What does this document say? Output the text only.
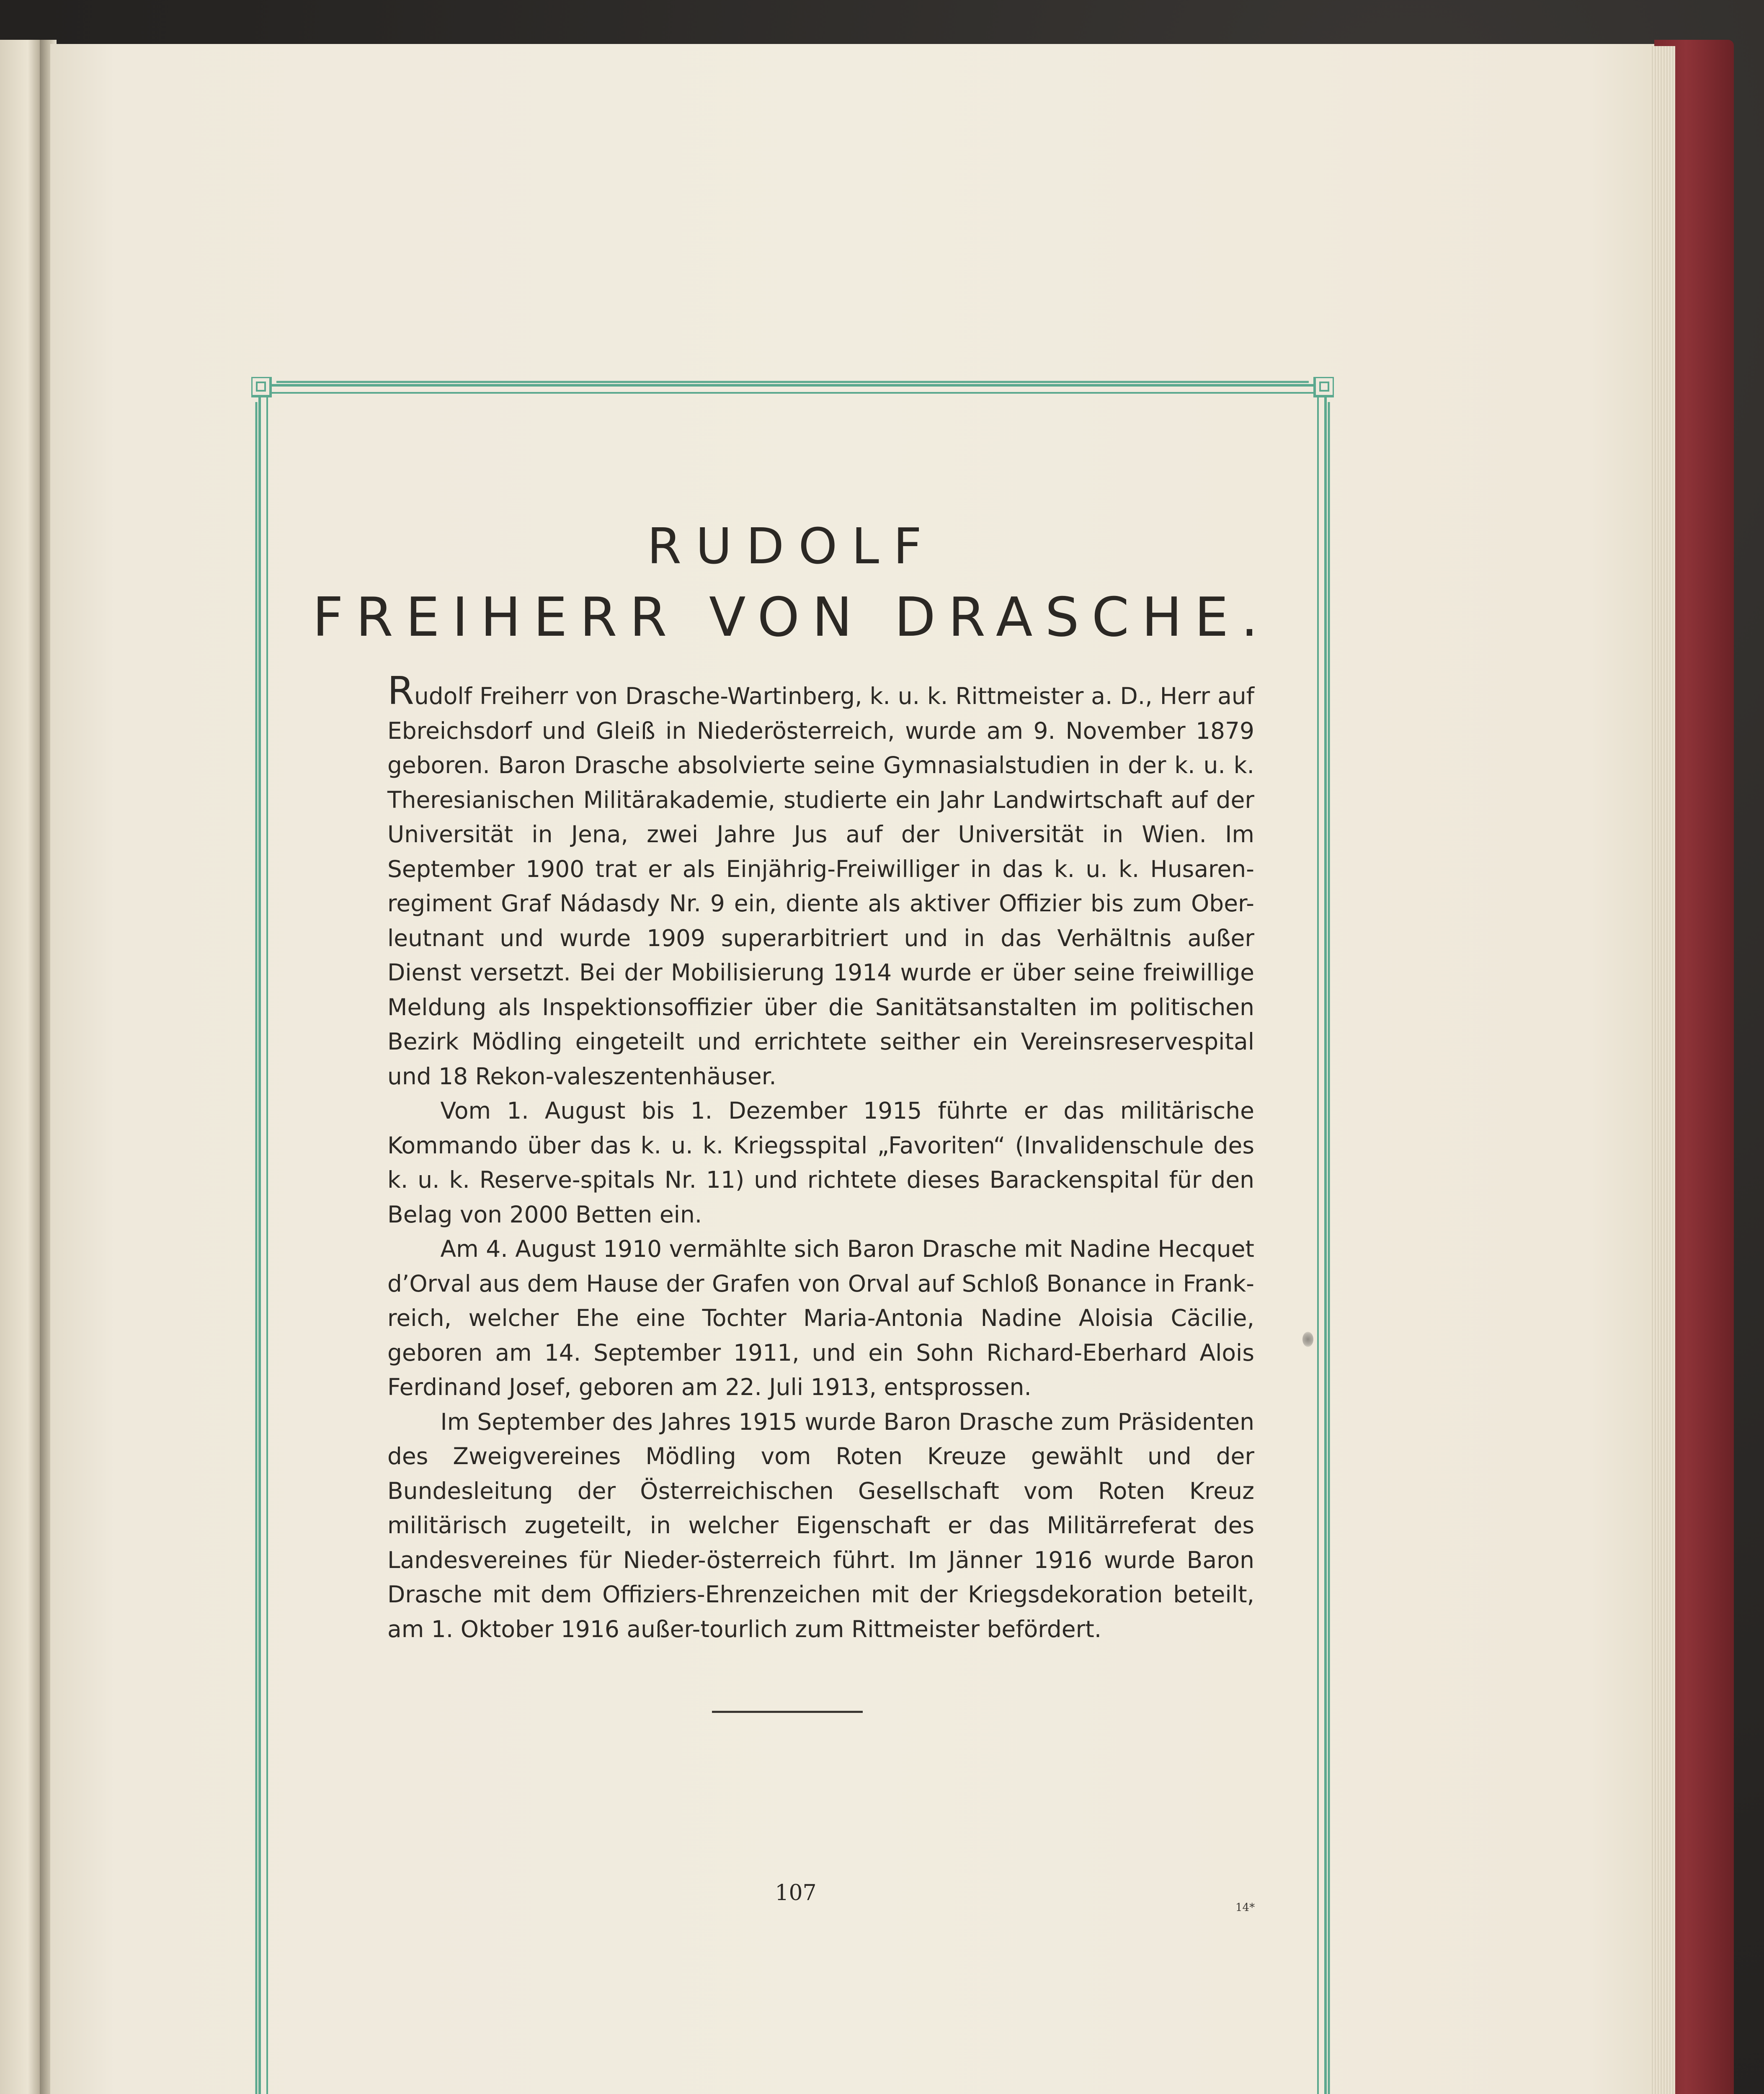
RUDOLF
FREIHERR VON DRASCHE.

Rudolf Freiherr von Drasche-Wartinberg, k. u. k. Rittmeister a. D., Herr auf Ebreichsdorf und Gleiß in Niederösterreich, wurde am 9. November 1879 geboren. Baron Drasche absolvierte seine Gymnasialstudien in der k. u. k. Theresianischen Militärakademie, studierte ein Jahr Landwirtschaft auf der Universität in Jena, zwei Jahre Jus auf der Universität in Wien. Im September 1900 trat er als Einjährig-Freiwilliger in das k. u. k. Husaren-regiment Graf Nádasdy Nr. 9 ein, diente als aktiver Offizier bis zum Ober-leutnant und wurde 1909 superarbitriert und in das Verhältnis außer Dienst versetzt. Bei der Mobilisierung 1914 wurde er über seine freiwillige Meldung als Inspektionsoffizier über die Sanitätsanstalten im politischen Bezirk Mödling eingeteilt und errichtete seither ein Vereinsreservespital und 18 Rekon-valeszentenhäuser.

Vom 1. August bis 1. Dezember 1915 führte er das militärische Kommando über das k. u. k. Kriegsspital „Favoriten“ (Invalidenschule des k. u. k. Reserve-spitals Nr. 11) und richtete dieses Barackenspital für den Belag von 2000 Betten ein.

Am 4. August 1910 vermählte sich Baron Drasche mit Nadine Hecquet d’Orval aus dem Hause der Grafen von Orval auf Schloß Bonance in Frank-reich, welcher Ehe eine Tochter Maria-Antonia Nadine Aloisia Cäcilie, geboren am 14. September 1911, und ein Sohn Richard-Eberhard Alois Ferdinand Josef, geboren am 22. Juli 1913, entsprossen.

Im September des Jahres 1915 wurde Baron Drasche zum Präsidenten des Zweigvereines Mödling vom Roten Kreuze gewählt und der Bundesleitung der Österreichischen Gesellschaft vom Roten Kreuz militärisch zugeteilt, in welcher Eigenschaft er das Militärreferat des Landesvereines für Nieder-österreich führt. Im Jänner 1916 wurde Baron Drasche mit dem Offiziers-Ehrenzeichen mit der Kriegsdekoration beteilt, am 1. Oktober 1916 außer-tourlich zum Rittmeister befördert.

107
14*
